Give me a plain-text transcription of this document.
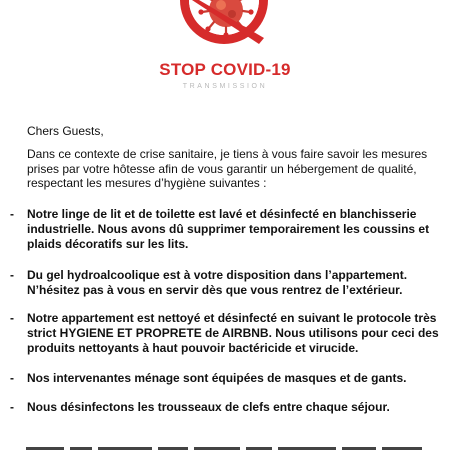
STOP COVID-19
TRANSMISSION
Chers Guests,
Dans ce contexte de crise sanitaire, je tiens à vous faire savoir les mesures prises par votre hôtesse afin de vous garantir un hébergement de qualité, respectant les mesures d’hygiène suivantes :
- Notre linge de lit et de toilette est lavé et désinfecté en blanchisserie industrielle. Nous avons dû supprimer temporairement les coussins et plaids décoratifs sur les lits.
- Du gel hydroalcoolique est à votre disposition dans l’appartement. N’hésitez pas à vous en servir dès que vous rentrez de l’extérieur.
- Notre appartement est nettoyé et désinfecté en suivant le protocole très strict HYGIENE ET PROPRETE de AIRBNB. Nous utilisons pour ceci des produits nettoyants à haut pouvoir bactéricide et virucide.
- Nos intervenantes ménage sont équipées de masques et de gants.
- Nous désinfectons les trousseaux de clefs entre chaque séjour.
